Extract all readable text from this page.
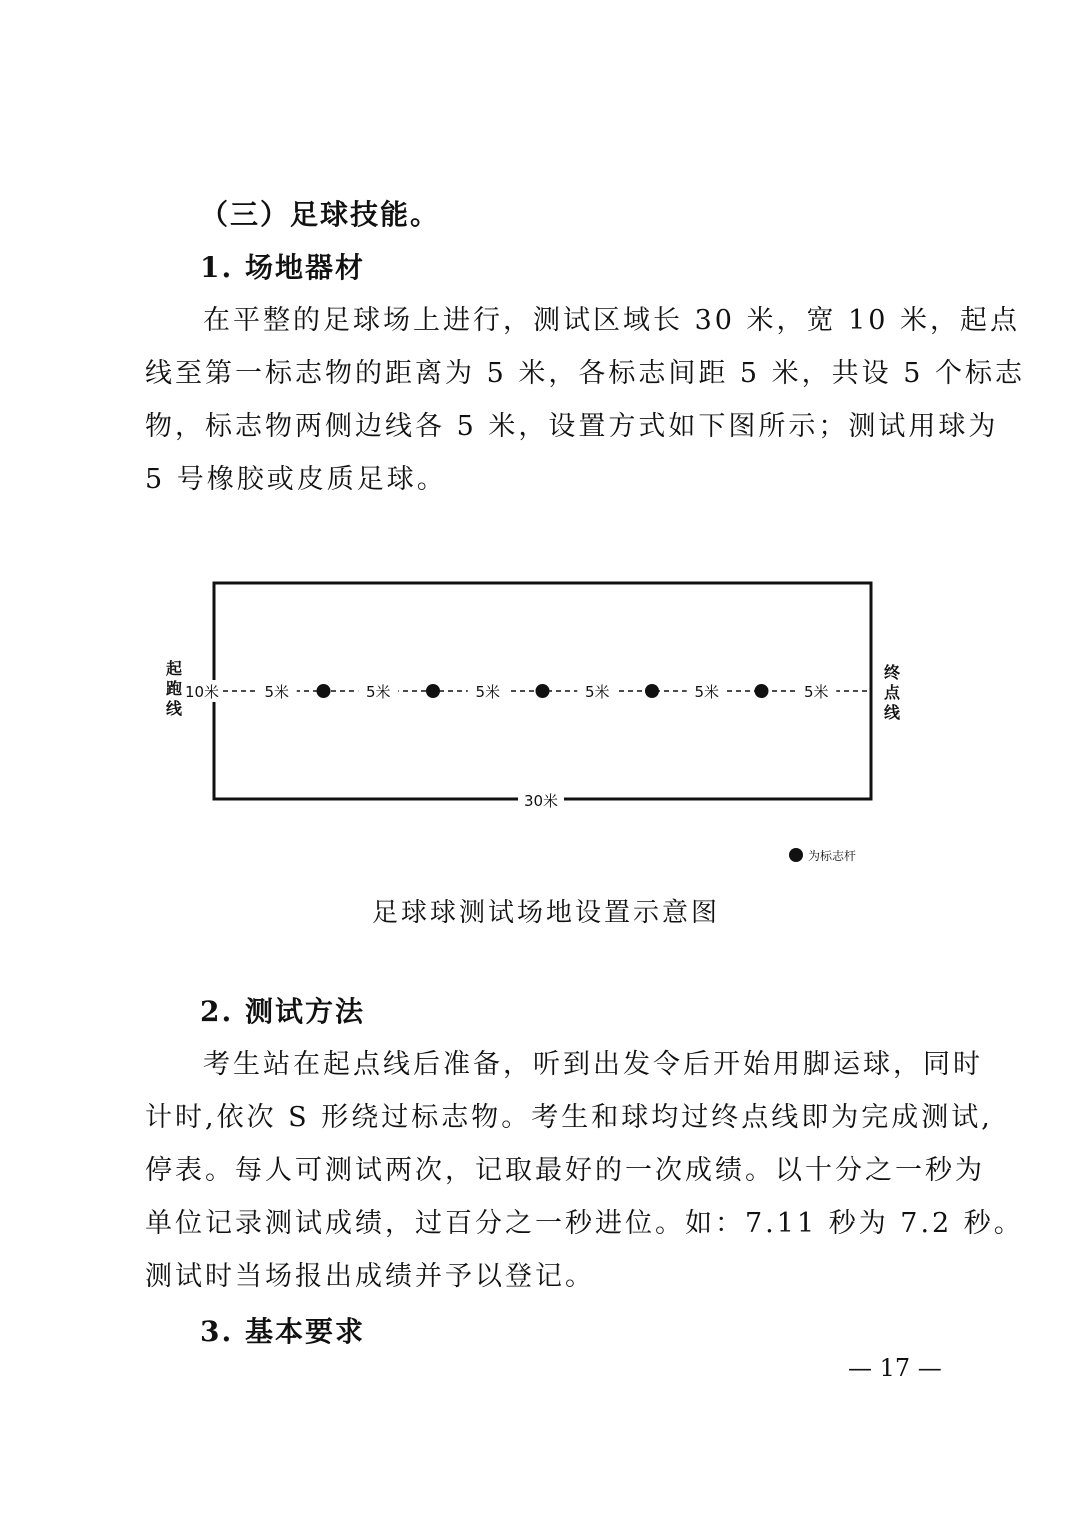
（三）足球技能。
1. 场地器材
在平整的足球场上进行，测试区域长 30 米，宽 10 米，起点
线至第一标志物的距离为 5 米，各标志间距 5 米，共设 5 个标志
物，标志物两侧边线各 5 米，设置方式如下图所示；测试用球为
5 号橡胶或皮质足球。
起
跑
线
终
点
线
10米	5米	5米	5米	5米	5米	5米
30米
为标志杆
足球球测试场地设置示意图
2. 测试方法
考生站在起点线后准备，听到出发令后开始用脚运球，同时
计时,依次 S 形绕过标志物。考生和球均过终点线即为完成测试,
停表。每人可测试两次，记取最好的一次成绩。以十分之一秒为
单位记录测试成绩，过百分之一秒进位。如：7.11 秒为 7.2 秒。
测试时当场报出成绩并予以登记。
3. 基本要求
— 17 —
